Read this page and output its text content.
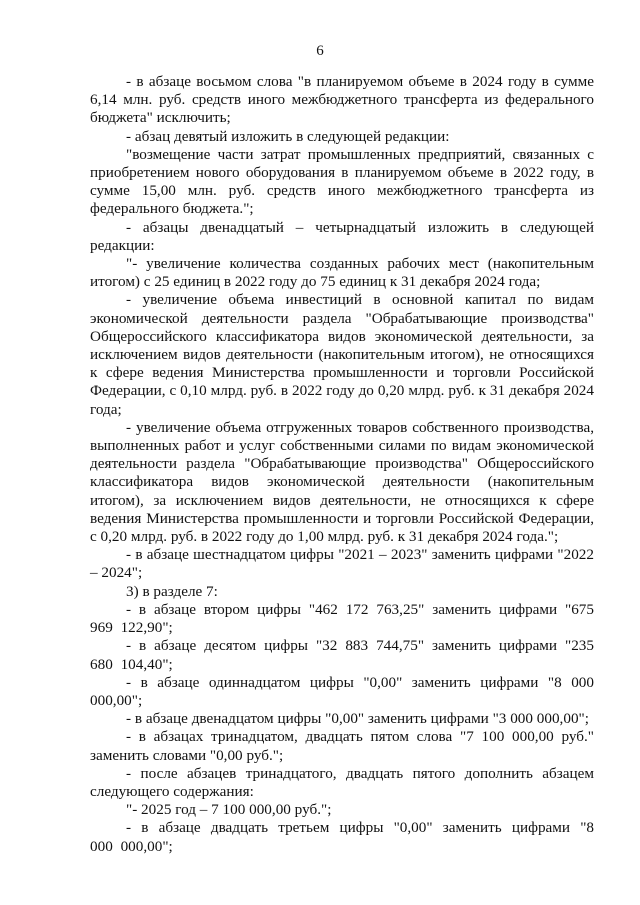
6

- в абзаце восьмом слова "в планируемом объеме в 2024 году в сумме 6,14 млн. руб. средств иного межбюджетного трансферта из федерального бюджета" исключить;

- абзац девятый изложить в следующей редакции:

"возмещение части затрат промышленных предприятий, связанных с приобретением нового оборудования в планируемом объеме в 2022 году, в сумме 15,00 млн. руб. средств иного межбюджетного трансферта из федерального бюджета.";

- абзацы двенадцатый – четырнадцатый изложить в следующей редакции:

"- увеличение количества созданных рабочих мест (накопительным итогом) с 25 единиц в 2022 году до 75 единиц к 31 декабря 2024 года;

- увеличение объема инвестиций в основной капитал по видам экономической деятельности раздела "Обрабатывающие производства" Общероссийского классификатора видов экономической деятельности, за исключением видов деятельности (накопительным итогом), не относящихся к сфере ведения Министерства промышленности и торговли Российской Федерации, с 0,10 млрд. руб. в 2022 году до 0,20 млрд. руб. к 31 декабря 2024 года;

- увеличение объема отгруженных товаров собственного производства, выполненных работ и услуг собственными силами по видам экономической деятельности раздела "Обрабатывающие производства" Общероссийского классификатора видов экономической деятельности (накопительным итогом), за исключением видов деятельности, не относящихся к сфере ведения Министерства промышленности и торговли Российской Федерации, с 0,20 млрд. руб. в 2022 году до 1,00 млрд. руб. к 31 декабря 2024 года.";

- в абзаце шестнадцатом цифры "2021 – 2023" заменить цифрами "2022 – 2024";

3) в разделе 7:

- в абзаце втором цифры "462 172 763,25" заменить цифрами "675 969 122,90";

- в абзаце десятом цифры "32 883 744,75" заменить цифрами "235 680 104,40";

- в абзаце одиннадцатом цифры "0,00" заменить цифрами "8 000 000,00";

- в абзаце двенадцатом цифры "0,00" заменить цифрами "3 000 000,00";

- в абзацах тринадцатом, двадцать пятом слова "7 100 000,00 руб." заменить словами "0,00 руб.";

- после абзацев тринадцатого, двадцать пятого дополнить абзацем следующего содержания:

"- 2025 год – 7 100 000,00 руб.";

- в абзаце двадцать третьем цифры "0,00" заменить цифрами "8 000 000,00";
